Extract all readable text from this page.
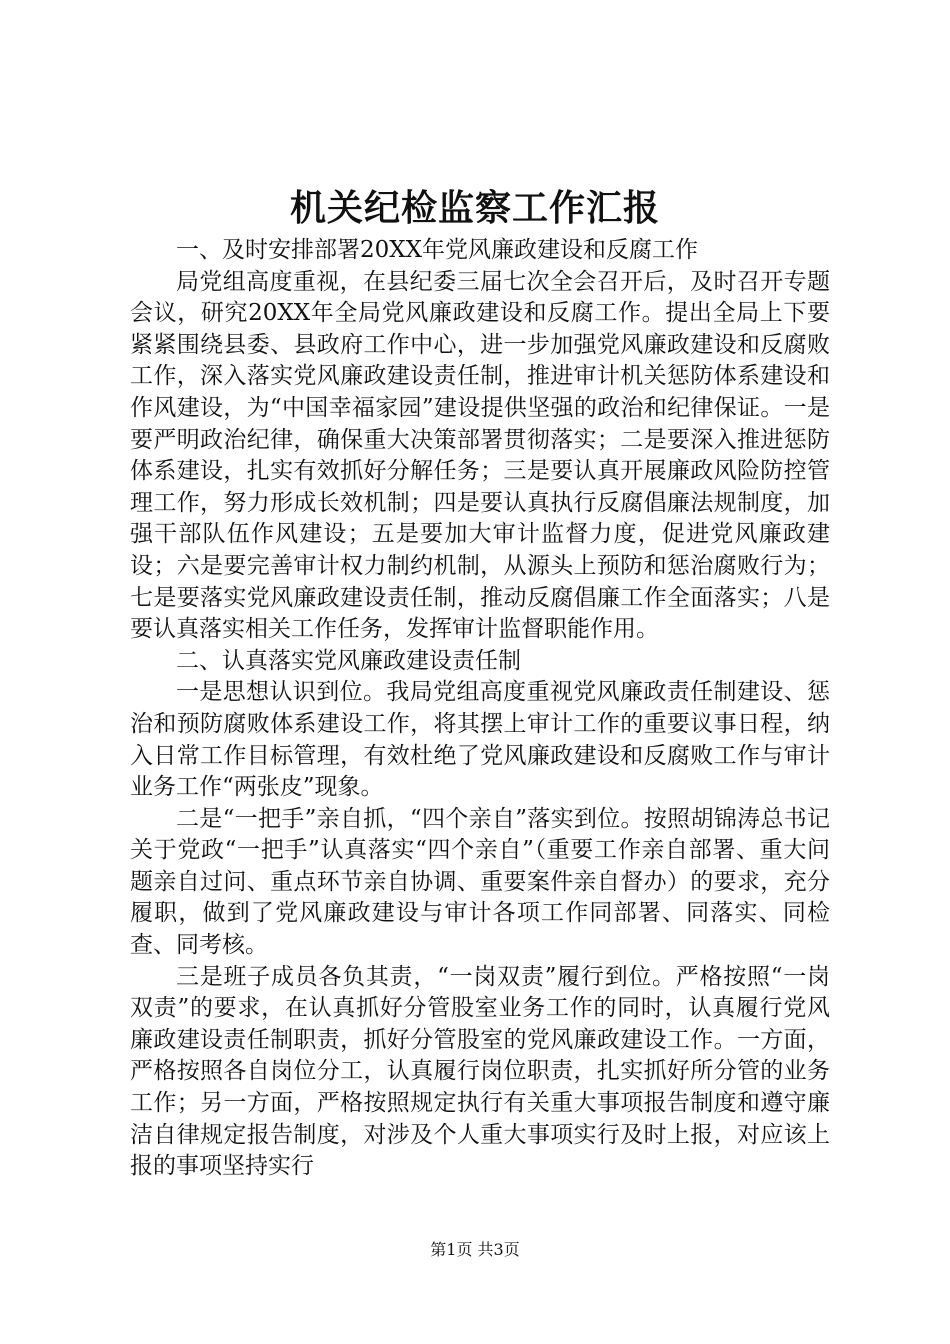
机关纪检监察工作汇报

一、及时安排部署20XX年党风廉政建设和反腐工作

局党组高度重视，在县纪委三届七次全会召开后，及时召开专题会议，研究20XX年全局党风廉政建设和反腐工作。提出全局上下要紧紧围绕县委、县政府工作中心，进一步加强党风廉政建设和反腐败工作，深入落实党风廉政建设责任制，推进审计机关惩防体系建设和作风建设，为“中国幸福家园”建设提供坚强的政治和纪律保证。一是要严明政治纪律，确保重大决策部署贯彻落实；二是要深入推进惩防体系建设，扎实有效抓好分解任务；三是要认真开展廉政风险防控管理工作，努力形成长效机制；四是要认真执行反腐倡廉法规制度，加强干部队伍作风建设；五是要加大审计监督力度，促进党风廉政建设；六是要完善审计权力制约机制，从源头上预防和惩治腐败行为；七是要落实党风廉政建设责任制，推动反腐倡廉工作全面落实；八是要认真落实相关工作任务，发挥审计监督职能作用。

二、认真落实党风廉政建设责任制

一是思想认识到位。我局党组高度重视党风廉政责任制建设、惩治和预防腐败体系建设工作，将其摆上审计工作的重要议事日程，纳入日常工作目标管理，有效杜绝了党风廉政建设和反腐败工作与审计业务工作“两张皮”现象。

二是“一把手”亲自抓，“四个亲自”落实到位。按照胡锦涛总书记关于党政“一把手”认真落实“四个亲自”（重要工作亲自部署、重大问题亲自过问、重点环节亲自协调、重要案件亲自督办）的要求，充分履职，做到了党风廉政建设与审计各项工作同部署、同落实、同检查、同考核。

三是班子成员各负其责，“一岗双责”履行到位。严格按照“一岗双责”的要求，在认真抓好分管股室业务工作的同时，认真履行党风廉政建设责任制职责，抓好分管股室的党风廉政建设工作。一方面，严格按照各自岗位分工，认真履行岗位职责，扎实抓好所分管的业务工作；另一方面，严格按照规定执行有关重大事项报告制度和遵守廉洁自律规定报告制度，对涉及个人重大事项实行及时上报，对应该上报的事项坚持实行

第1页 共3页
